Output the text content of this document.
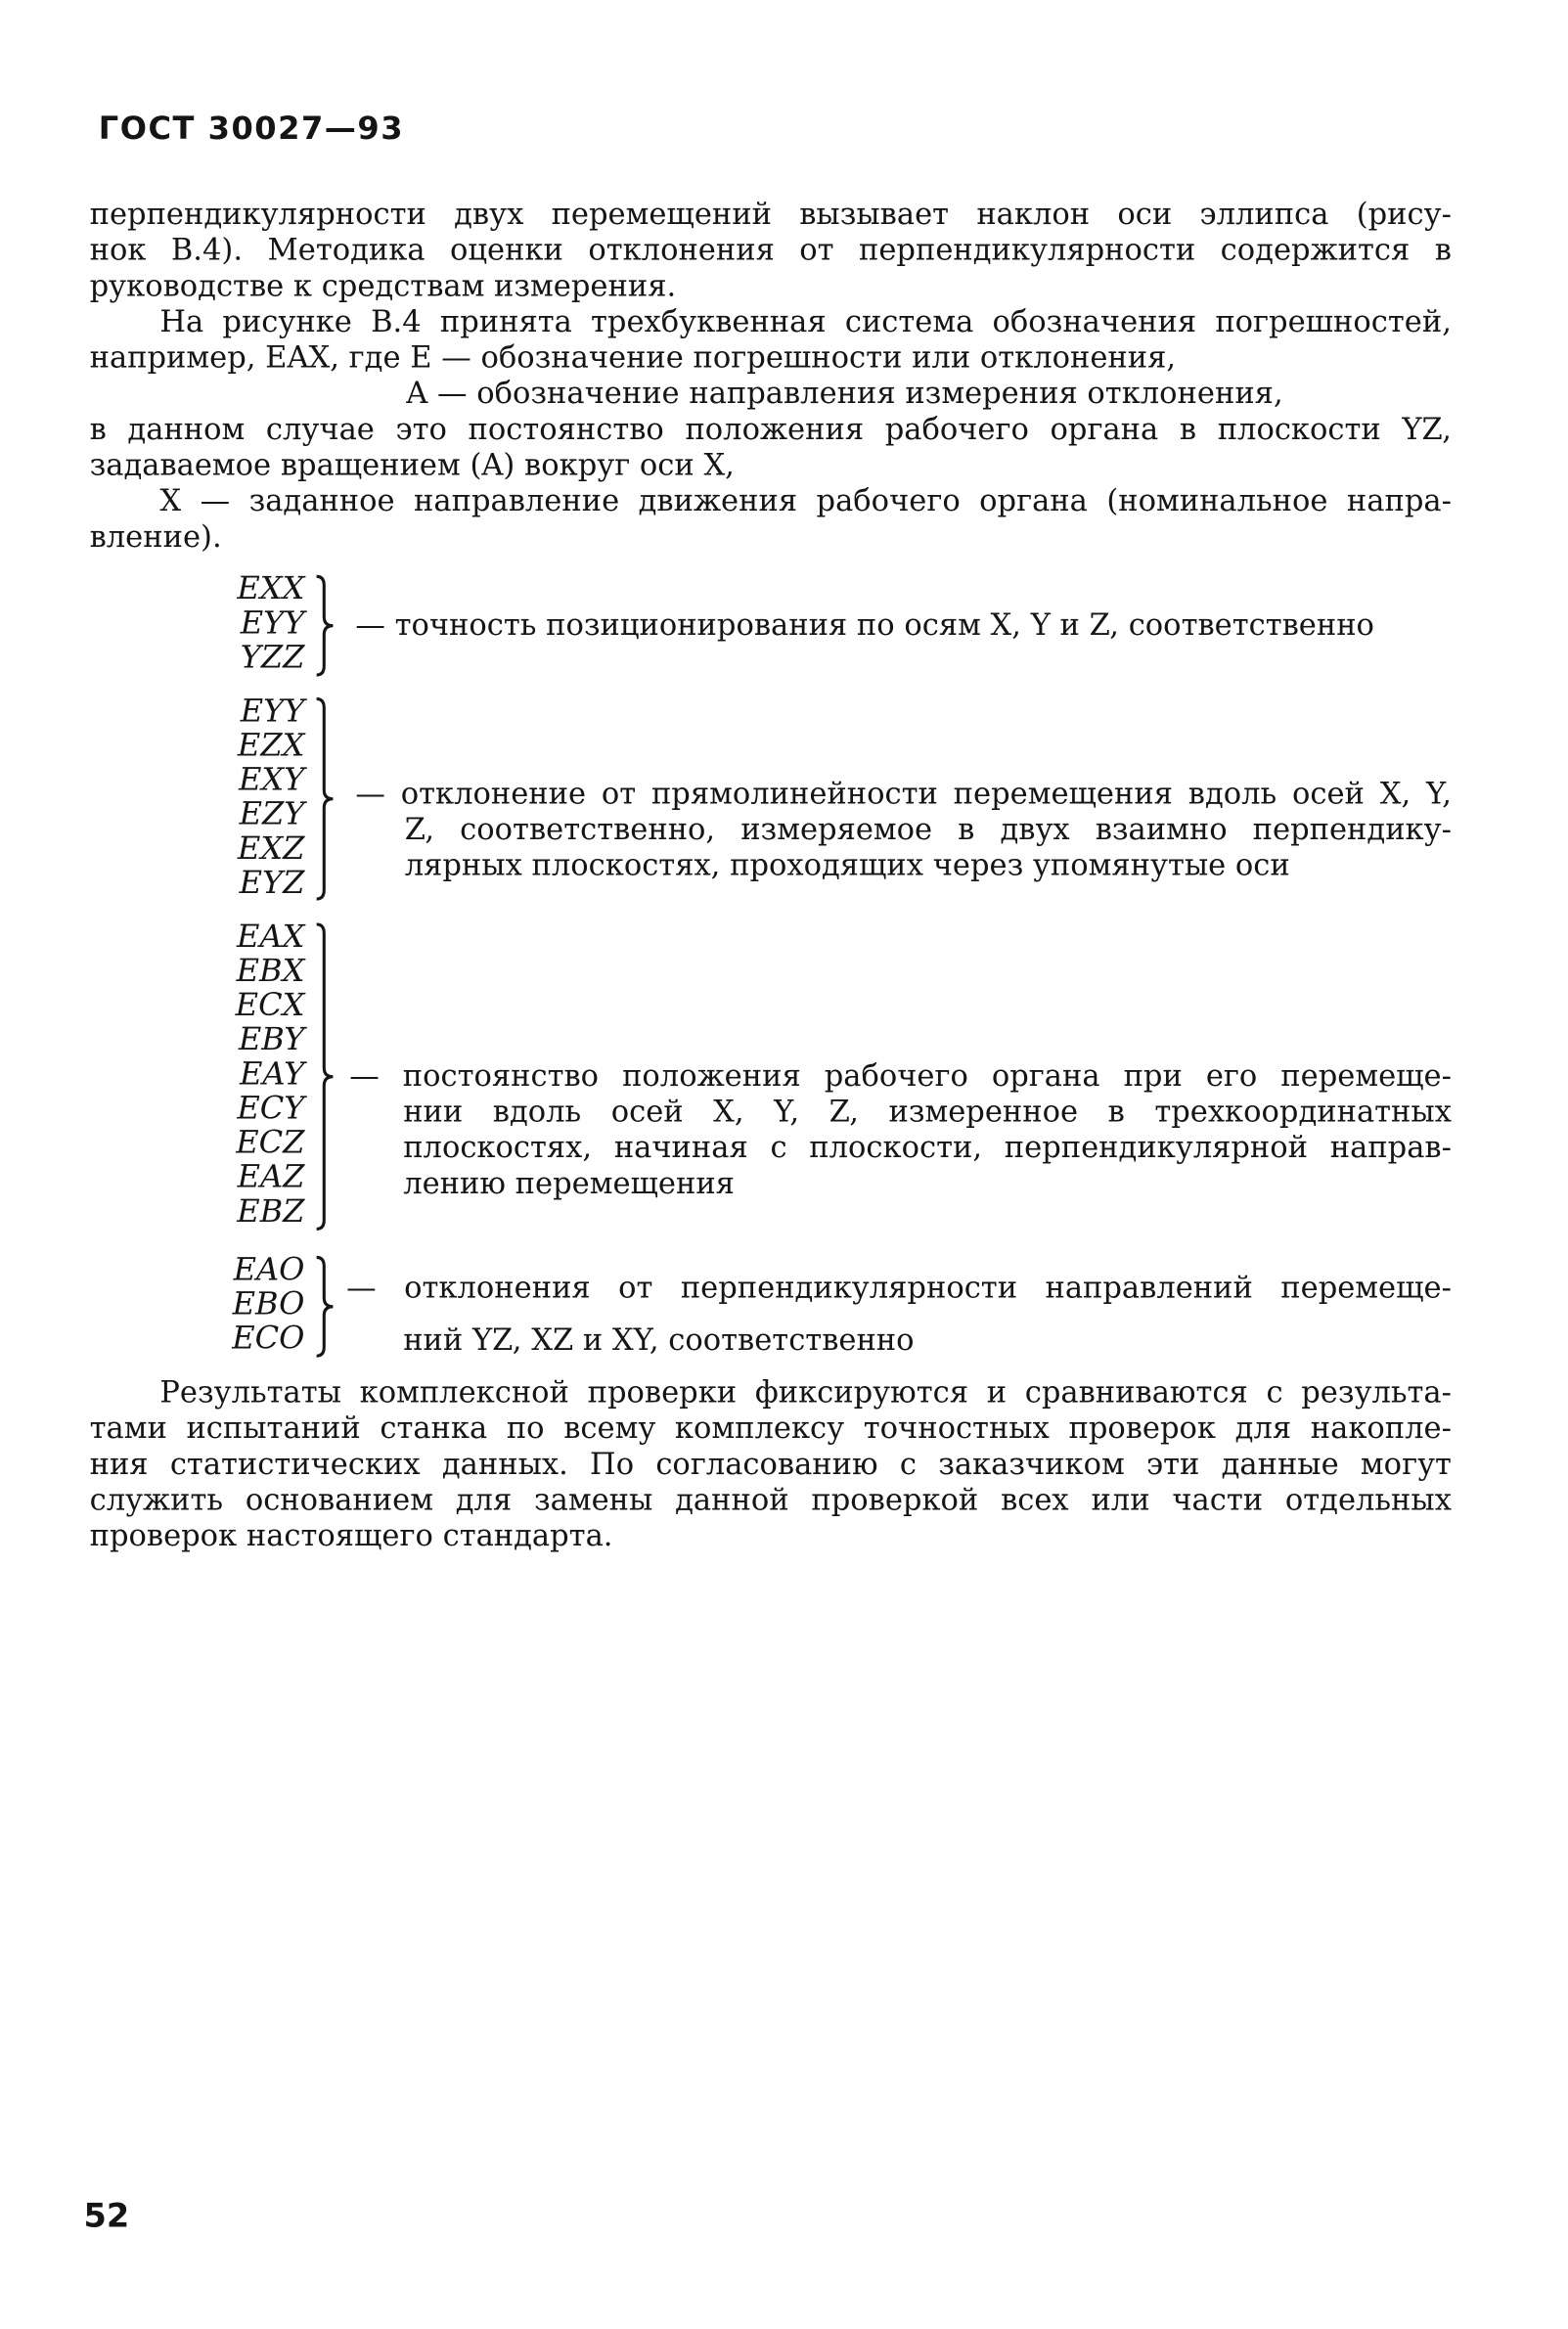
ГОСТ 30027—93
перпендикулярности двух перемещений вызывает наклон оси эллипса (рису-
нок В.4). Методика оценки отклонения от перпендикулярности содержится в
руководстве к средствам измерения.
На рисунке В.4 принята трехбуквенная система обозначения погрешностей,
например, EAX, где E — обозначение погрешности или отклонения,
A — обозначение направления измерения отклонения,
в данном случае это постоянство положения рабочего органа в плоскости YZ,
задаваемое вращением (A) вокруг оси X,
X — заданное направление движения рабочего органа (номинальное напра-
вление).
EXX
EYY
YZZ
— точность позиционирования по осям X, Y и Z, соответственно
EYY
EZX
EXY
EZY
EXZ
EYZ
— отклонение от прямолинейности перемещения вдоль осей X, Y,
Z, соответственно, измеряемое в двух взаимно перпендику-
лярных плоскостях, проходящих через упомянутые оси
EAX
EBX
ECX
EBY
EAY
ECY
ECZ
EAZ
EBZ
— постоянство положения рабочего органа при его перемеще-
нии вдоль осей X, Y, Z, измеренное в трехкоординатных
плоскостях, начиная с плоскости, перпендикулярной направ-
лению перемещения
EAO
EBO
ECO
— отклонения от перпендикулярности направлений перемеще-
ний YZ, XZ и XY, соответственно
Результаты комплексной проверки фиксируются и сравниваются с результа-
тами испытаний станка по всему комплексу точностных проверок для накопле-
ния статистических данных. По согласованию с заказчиком эти данные могут
служить основанием для замены данной проверкой всех или части отдельных
проверок настоящего стандарта.
52
